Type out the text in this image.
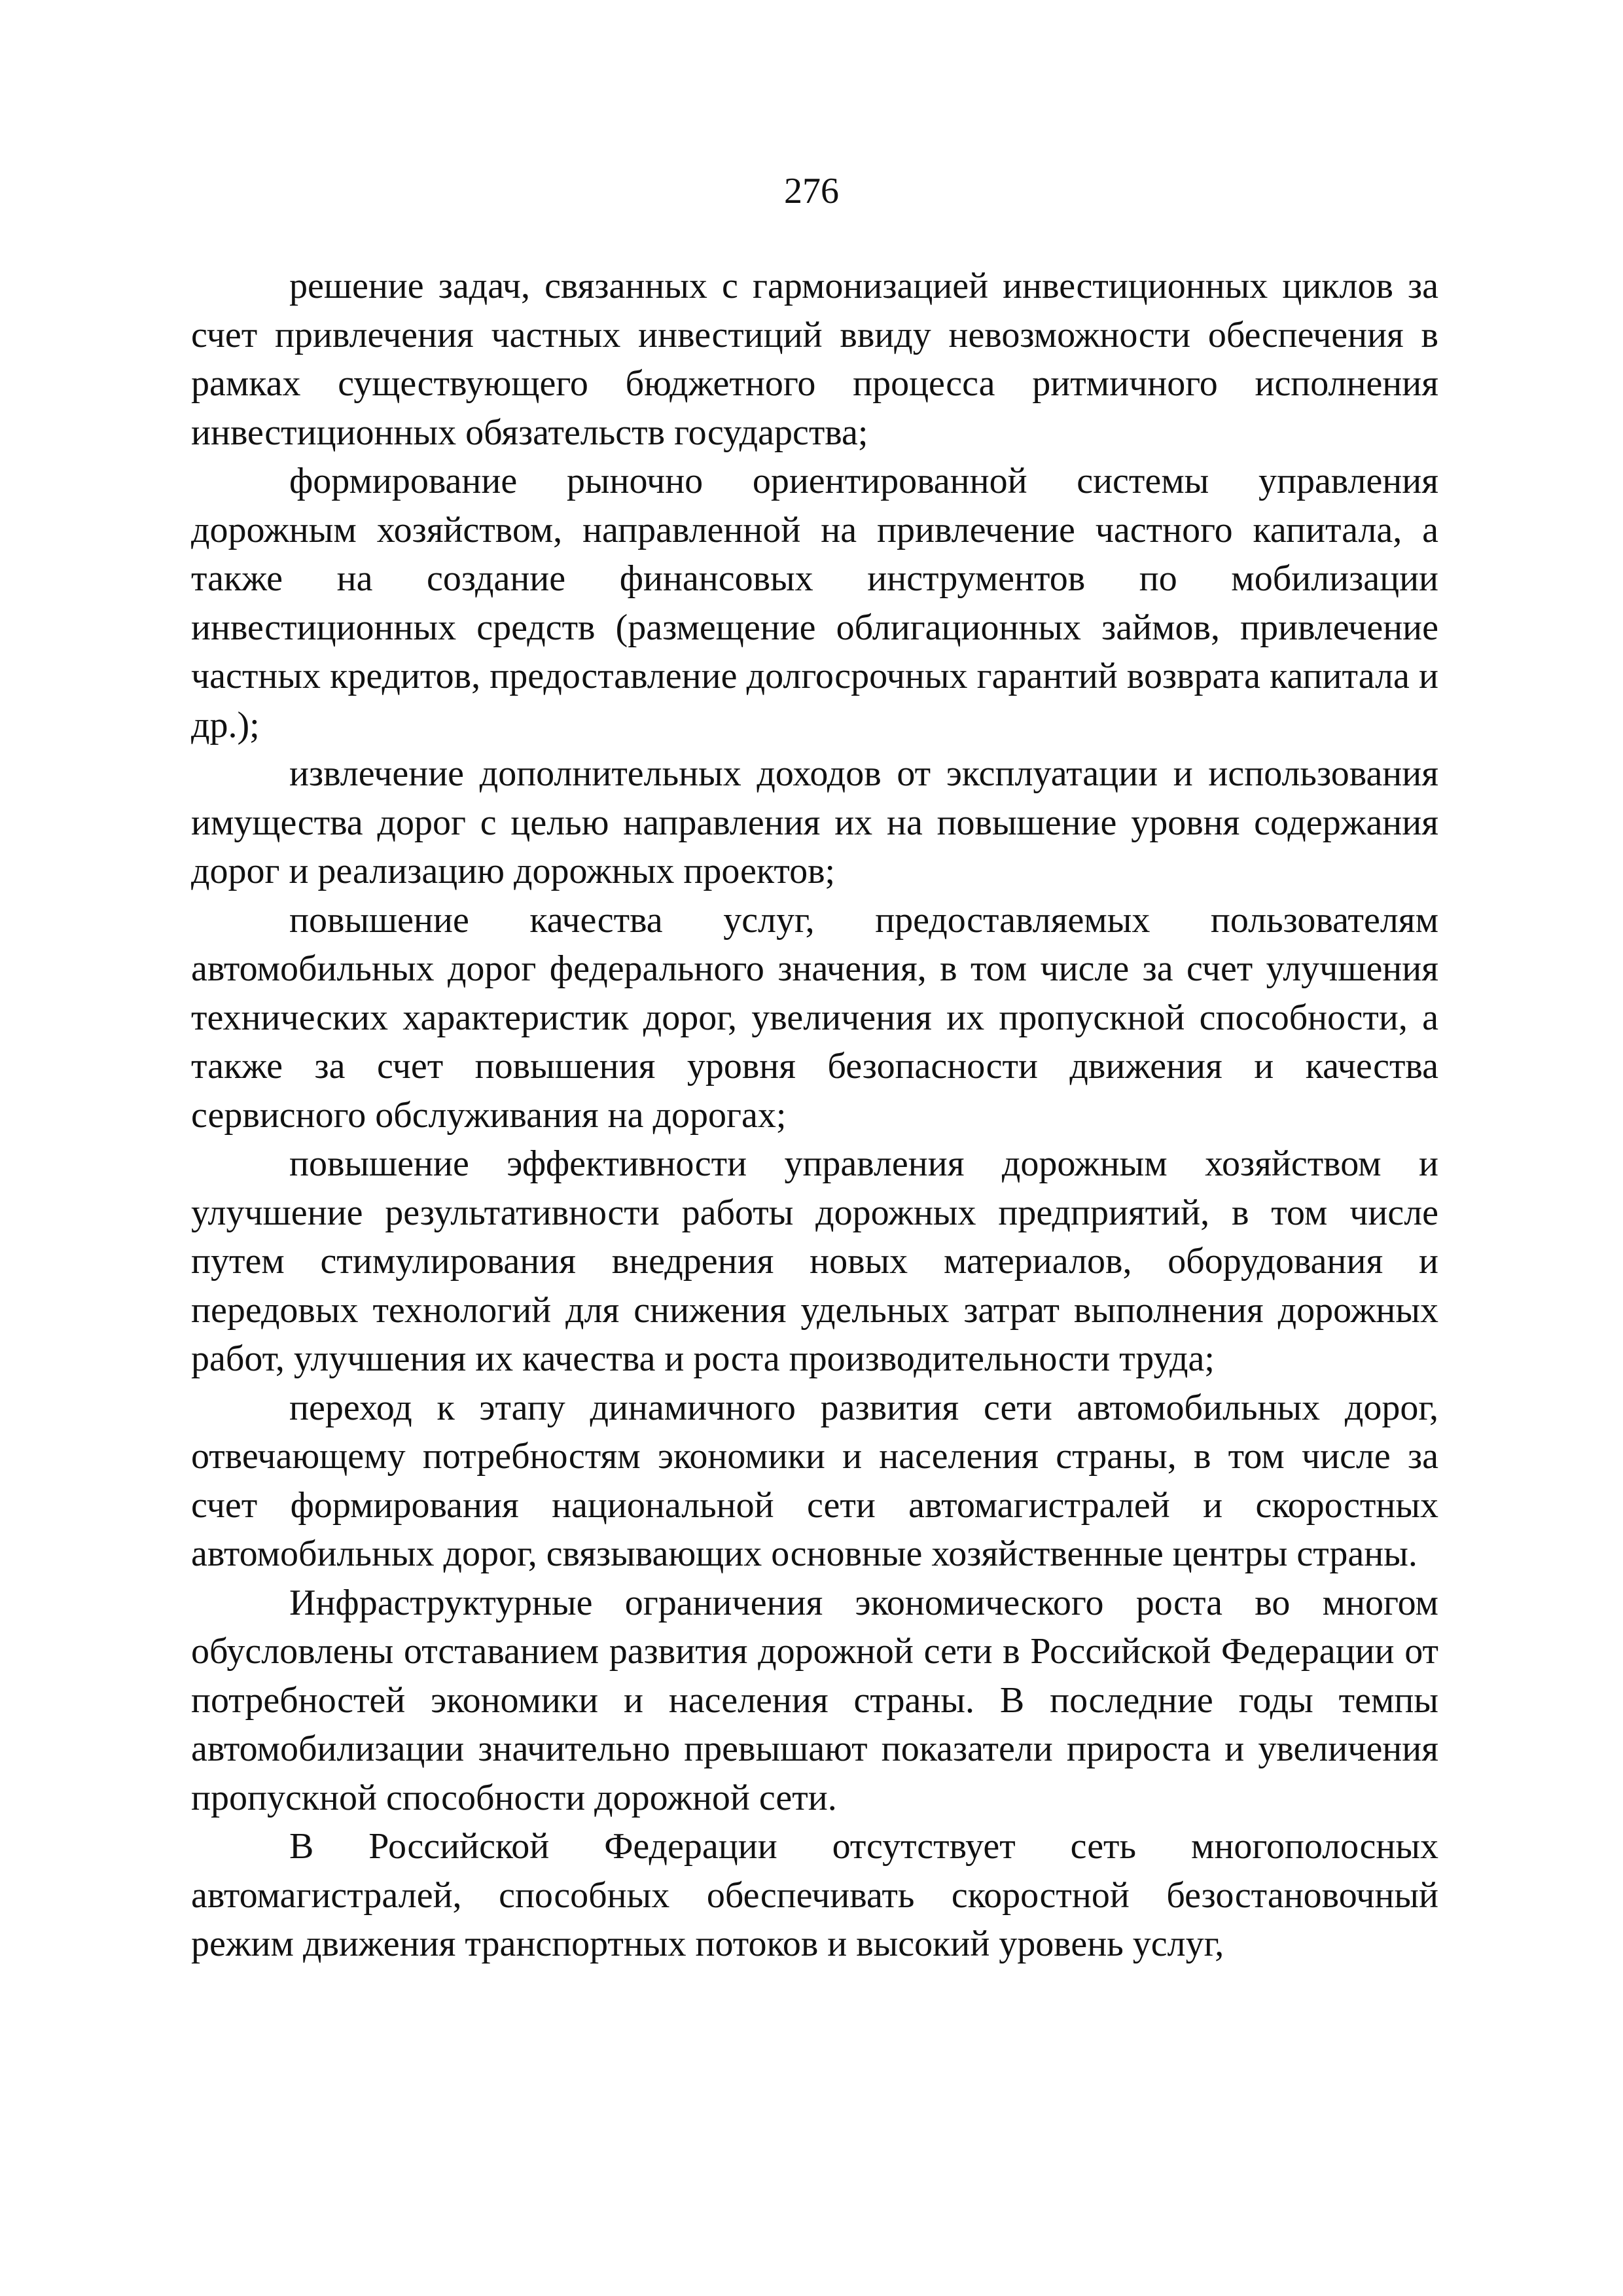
276

решение задач, связанных с гармонизацией инвестиционных циклов за счет привлечения частных инвестиций ввиду невозможности обеспечения в рамках существующего бюджетного процесса ритмичного исполнения инвестиционных обязательств государства;

формирование рыночно ориентированной системы управления дорожным хозяйством, направленной на привлечение частного капитала, а также на создание финансовых инструментов по мобилизации инвестиционных средств (размещение облигационных займов, привлечение частных кредитов, предоставление долгосрочных гарантий возврата капитала и др.);

извлечение дополнительных доходов от эксплуатации и использования имущества дорог с целью направления их на повышение уровня содержания дорог и реализацию дорожных проектов;

повышение качества услуг, предоставляемых пользователям автомобильных дорог федерального значения, в том числе за счет улучшения технических характеристик дорог, увеличения их пропускной способности, а также за счет повышения уровня безопасности движения и качества сервисного обслуживания на дорогах;

повышение эффективности управления дорожным хозяйством и улучшение результативности работы дорожных предприятий, в том числе путем стимулирования внедрения новых материалов, оборудования и передовых технологий для снижения удельных затрат выполнения дорожных работ, улучшения их качества и роста производительности труда;

переход к этапу динамичного развития сети автомобильных дорог, отвечающему потребностям экономики и населения страны, в том числе за счет формирования национальной сети автомагистралей и скоростных автомобильных дорог, связывающих основные хозяйственные центры страны.

Инфраструктурные ограничения экономического роста во многом обусловлены отставанием развития дорожной сети в Российской Федерации от потребностей экономики и населения страны. В последние годы темпы автомобилизации значительно превышают показатели прироста и увеличения пропускной способности дорожной сети.

В Российской Федерации отсутствует сеть многополосных автомагистралей, способных обеспечивать скоростной безостановочный режим движения транспортных потоков и высокий уровень услуг,
